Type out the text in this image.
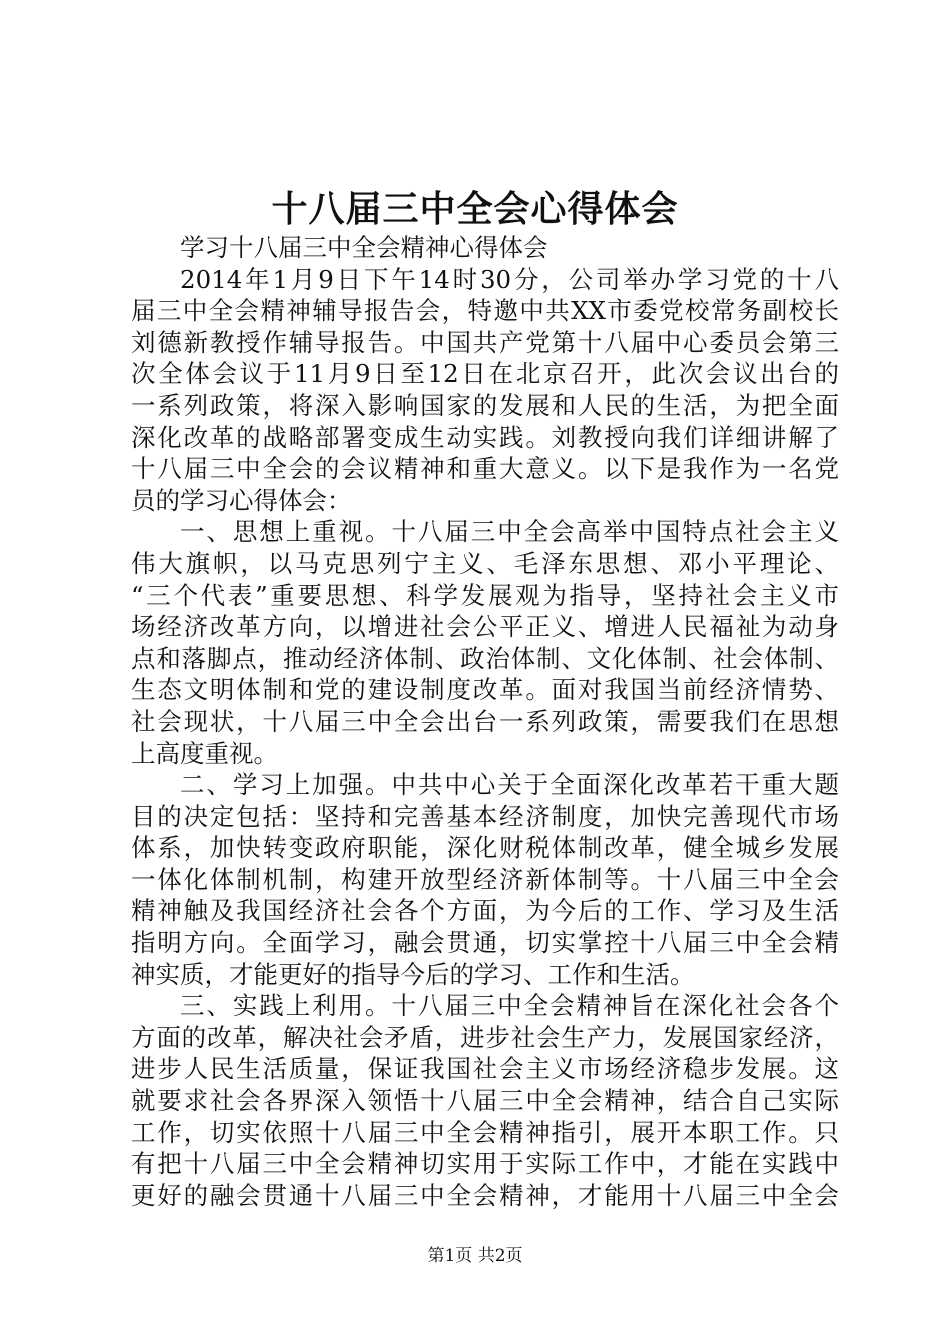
十八届三中全会心得体会
学习十八届三中全会精神心得体会
2014年1月9日下午14时30分，公司举办学习党的十八
届三中全会精神辅导报告会，特邀中共XX市委党校常务副校长
刘德新教授作辅导报告。中国共产党第十八届中心委员会第三
次全体会议于11月9日至12日在北京召开，此次会议出台的
一系列政策，将深入影响国家的发展和人民的生活，为把全面
深化改革的战略部署变成生动实践。刘教授向我们详细讲解了
十八届三中全会的会议精神和重大意义。以下是我作为一名党
员的学习心得体会：
一、思想上重视。十八届三中全会高举中国特点社会主义
伟大旗帜，以马克思列宁主义、毛泽东思想、邓小平理论、
“三个代表”重要思想、科学发展观为指导，坚持社会主义市
场经济改革方向，以增进社会公平正义、增进人民福祉为动身
点和落脚点，推动经济体制、政治体制、文化体制、社会体制、
生态文明体制和党的建设制度改革。面对我国当前经济情势、
社会现状，十八届三中全会出台一系列政策，需要我们在思想
上高度重视。
二、学习上加强。中共中心关于全面深化改革若干重大题
目的决定包括：坚持和完善基本经济制度，加快完善现代市场
体系，加快转变政府职能，深化财税体制改革，健全城乡发展
一体化体制机制，构建开放型经济新体制等。十八届三中全会
精神触及我国经济社会各个方面，为今后的工作、学习及生活
指明方向。全面学习，融会贯通，切实掌控十八届三中全会精
神实质，才能更好的指导今后的学习、工作和生活。
三、实践上利用。十八届三中全会精神旨在深化社会各个
方面的改革，解决社会矛盾，进步社会生产力，发展国家经济，
进步人民生活质量，保证我国社会主义市场经济稳步发展。这
就要求社会各界深入领悟十八届三中全会精神，结合自己实际
工作，切实依照十八届三中全会精神指引，展开本职工作。只
有把十八届三中全会精神切实用于实际工作中，才能在实践中
更好的融会贯通十八届三中全会精神，才能用十八届三中全会
第1页 共2页
